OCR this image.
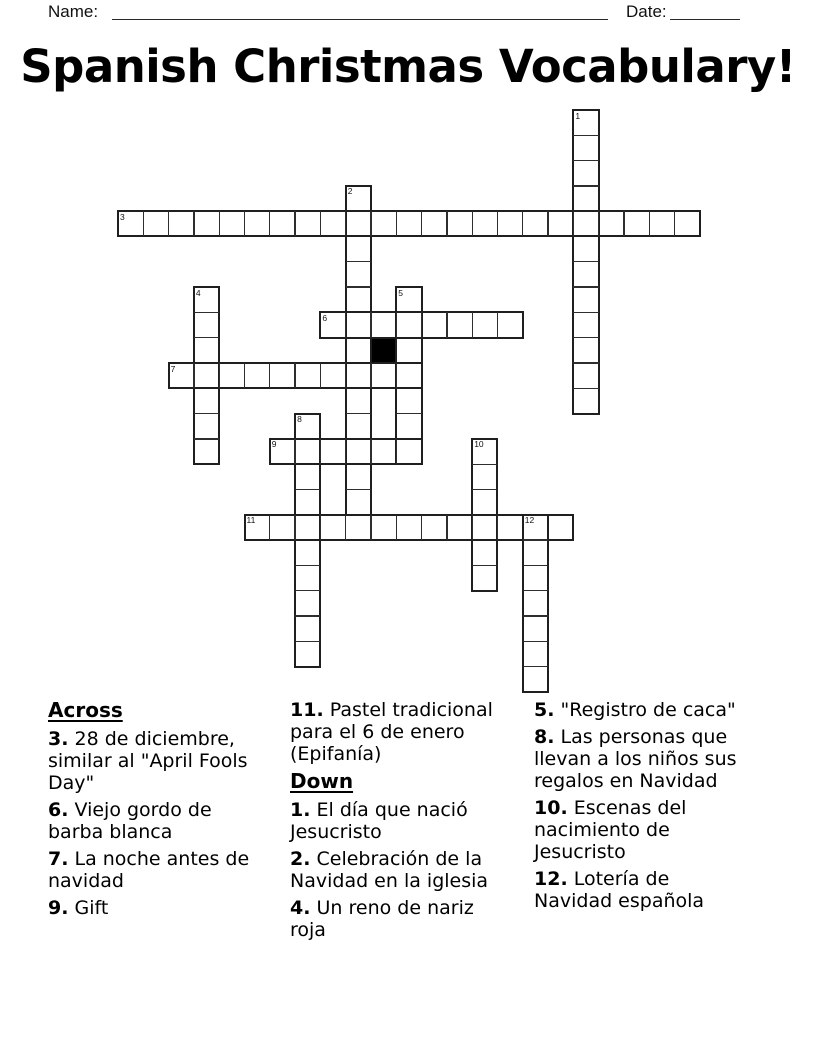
Name:	Date:
Spanish Christmas Vocabulary!
1
2
3
4	5
6
7
8
9	10
11	12
Across
3. 28 de diciembre, similar al "April Fools Day"
6. Viejo gordo de barba blanca
7. La noche antes de navidad
9. Gift
11. Pastel tradicional para el 6 de enero (Epifanía)
Down
1. El día que nació Jesucristo
2. Celebración de la Navidad en la iglesia
4. Un reno de nariz roja
5. "Registro de caca"
8. Las personas que llevan a los niños sus regalos en Navidad
10. Escenas del nacimiento de Jesucristo
12. Lotería de Navidad española
